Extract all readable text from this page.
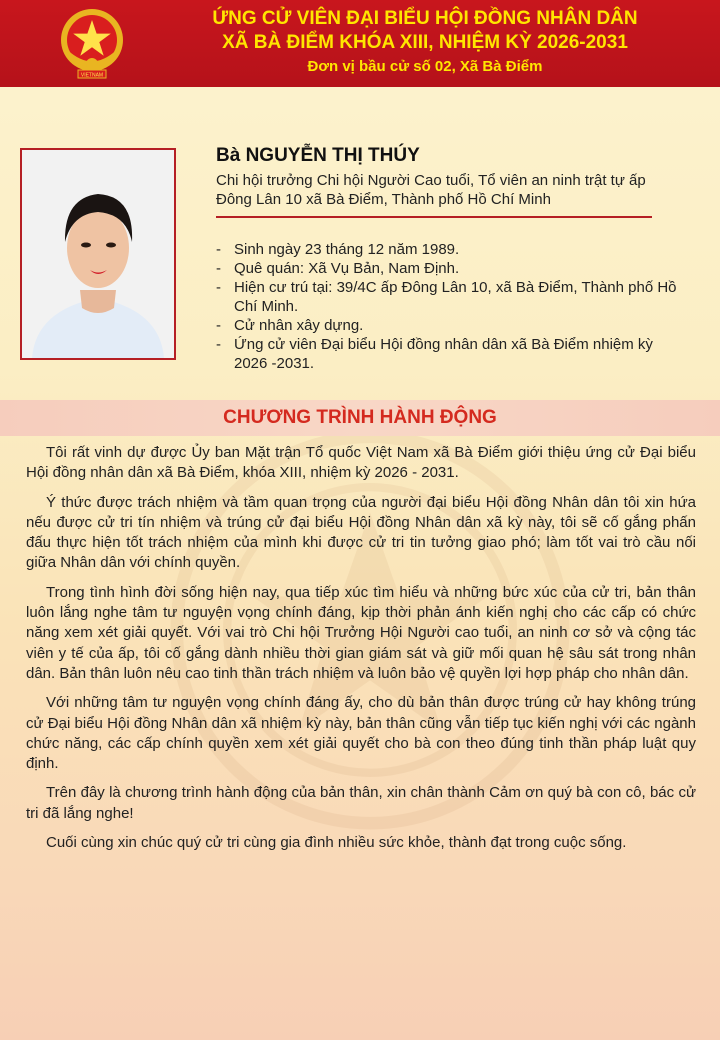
VIETNAM
ỨNG CỬ VIÊN ĐẠI BIỂU HỘI ĐỒNG NHÂN DÂN
XÃ BÀ ĐIỂM KHÓA XIII, NHIỆM KỲ 2026-2031
Đơn vị bầu cử số 02, Xã Bà Điểm
Bà NGUYỄN THỊ THÚY
Chi hội trưởng Chi hội Người Cao tuổi, Tổ viên an ninh trật tự ấp Đông Lân 10 xã Bà Điểm, Thành phố Hồ Chí Minh
- Sinh ngày 23 tháng 12 năm 1989.
- Quê quán: Xã Vụ Bản, Nam Định.
- Hiện cư trú tại: 39/4C ấp Đông Lân 10, xã Bà Điểm, Thành phố Hồ Chí Minh.
- Cử nhân xây dựng.
- Ứng cử viên Đại biểu Hội đồng nhân dân xã Bà Điểm nhiệm kỳ 2026 -2031.
CHƯƠNG TRÌNH HÀNH ĐỘNG

Tôi rất vinh dự được Ủy ban Mặt trận Tổ quốc Việt Nam xã Bà Điểm giới thiệu ứng cử Đại biểu Hội đồng nhân dân xã Bà Điểm, khóa XIII, nhiệm kỳ 2026 - 2031.

Ý thức được trách nhiệm và tầm quan trọng của người đại biểu Hội đồng Nhân dân tôi xin hứa nếu được cử tri tín nhiệm và trúng cử đại biểu Hội đồng Nhân dân xã kỳ này, tôi sẽ cố gắng phấn đấu thực hiện tốt trách nhiệm của mình khi được cử tri tin tưởng giao phó; làm tốt vai trò cầu nối giữa Nhân dân với chính quyền.

Trong tình hình đời sống hiện nay, qua tiếp xúc tìm hiểu và những bức xúc của cử tri, bản thân luôn lắng nghe tâm tư nguyện vọng chính đáng, kịp thời phản ánh kiến nghị cho các cấp có chức năng xem xét giải quyết. Với vai trò Chi hội Trưởng Hội Người cao tuổi, an ninh cơ sở và cộng tác viên y tế của ấp, tôi cố gắng dành nhiều thời gian giám sát và giữ mối quan hệ sâu sát trong nhân dân. Bản thân luôn nêu cao tinh thần trách nhiệm và luôn bảo vệ quyền lợi hợp pháp cho nhân dân.

Với những tâm tư nguyện vọng chính đáng ấy, cho dù bản thân được trúng cử hay không trúng cử Đại biểu Hội đồng Nhân dân xã nhiệm kỳ này, bản thân cũng vẫn tiếp tục kiến nghị với các ngành chức năng, các cấp chính quyền xem xét giải quyết cho bà con theo đúng tinh thần pháp luật quy định.

Trên đây là chương trình hành động của bản thân, xin chân thành Cảm ơn quý bà con cô, bác cử tri đã lắng nghe!

Cuối cùng xin chúc quý cử tri cùng gia đình nhiều sức khỏe, thành đạt trong cuộc sống.
